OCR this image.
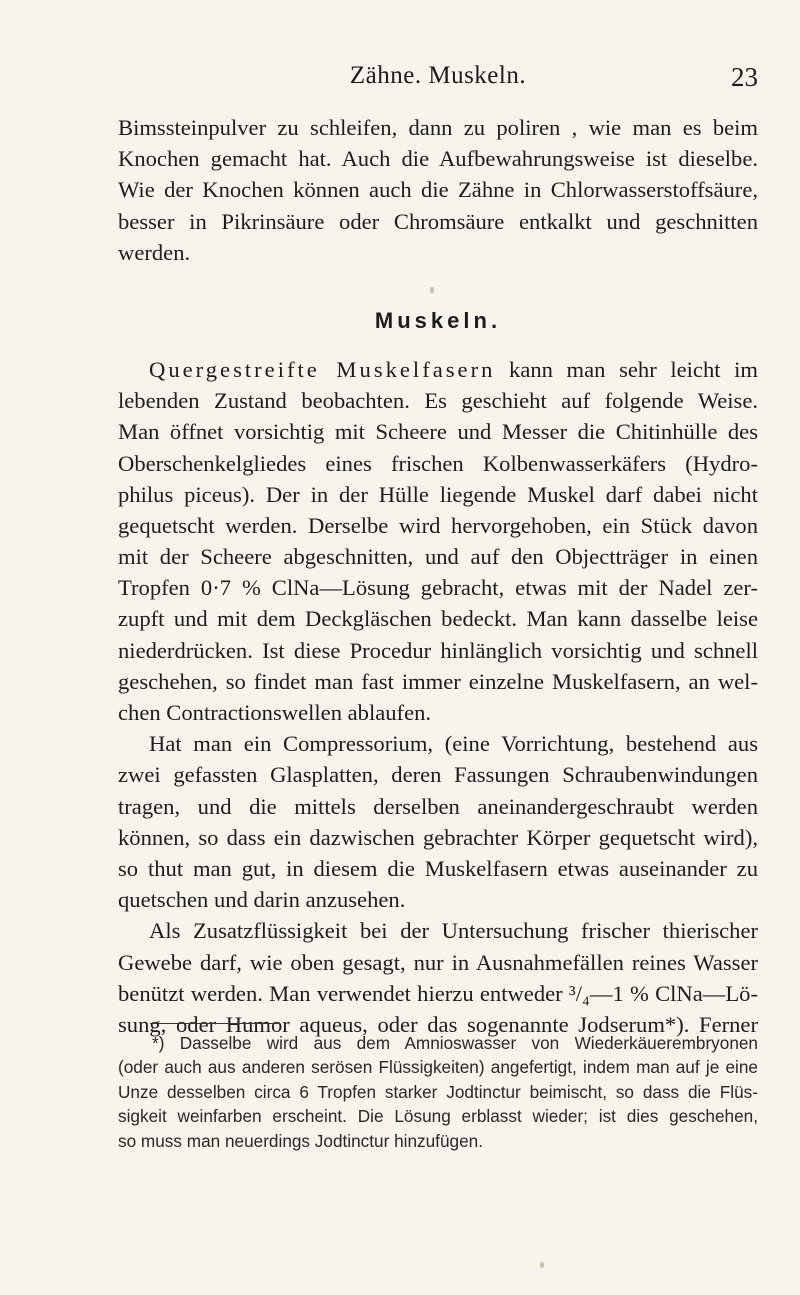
Zähne. Muskeln.	23
Bimssteinpulver zu schleifen, dann zu poliren , wie man es beim
Knochen gemacht hat. Auch die Aufbewahrungsweise ist dieselbe.
Wie der Knochen können auch die Zähne in Chlorwasserstoffsäure,
besser in Pikrinsäure oder Chromsäure entkalkt und geschnitten
werden.
Muskeln.
Quergestreifte Muskelfasern kann man sehr leicht im
lebenden Zustand beobachten. Es geschieht auf folgende Weise.
Man öffnet vorsichtig mit Scheere und Messer die Chitinhülle des
Oberschenkelgliedes eines frischen Kolbenwasserkäfers (Hydro-
philus piceus). Der in der Hülle liegende Muskel darf dabei nicht
gequetscht werden. Derselbe wird hervorgehoben, ein Stück davon
mit der Scheere abgeschnitten, und auf den Objectträger in einen
Tropfen 0·7 % ClNa—Lösung gebracht, etwas mit der Nadel zer-
zupft und mit dem Deckgläschen bedeckt. Man kann dasselbe leise
niederdrücken. Ist diese Procedur hinlänglich vorsichtig und schnell
geschehen, so findet man fast immer einzelne Muskelfasern, an wel-
chen Contractionswellen ablaufen.
Hat man ein Compressorium, (eine Vorrichtung, bestehend aus
zwei gefassten Glasplatten, deren Fassungen Schraubenwindungen
tragen, und die mittels derselben aneinandergeschraubt werden
können, so dass ein dazwischen gebrachter Körper gequetscht wird),
so thut man gut, in diesem die Muskelfasern etwas auseinander zu
quetschen und darin anzusehen.
Als Zusatzflüssigkeit bei der Untersuchung frischer thierischer
Gewebe darf, wie oben gesagt, nur in Ausnahmefällen reines Wasser
benützt werden. Man verwendet hierzu entweder ³/₄—1 % ClNa—Lö-
sung, oder Humor aqueus, oder das sogenannte Jodserum*). Ferner
*) Dasselbe wird aus dem Amnioswasser von Wiederkäuerembryonen
(oder auch aus anderen serösen Flüssigkeiten) angefertigt, indem man auf je eine
Unze desselben circa 6 Tropfen starker Jodtinctur beimischt, so dass die Flüs-
sigkeit weinfarben erscheint. Die Lösung erblasst wieder; ist dies geschehen,
so muss man neuerdings Jodtinctur hinzufügen.
